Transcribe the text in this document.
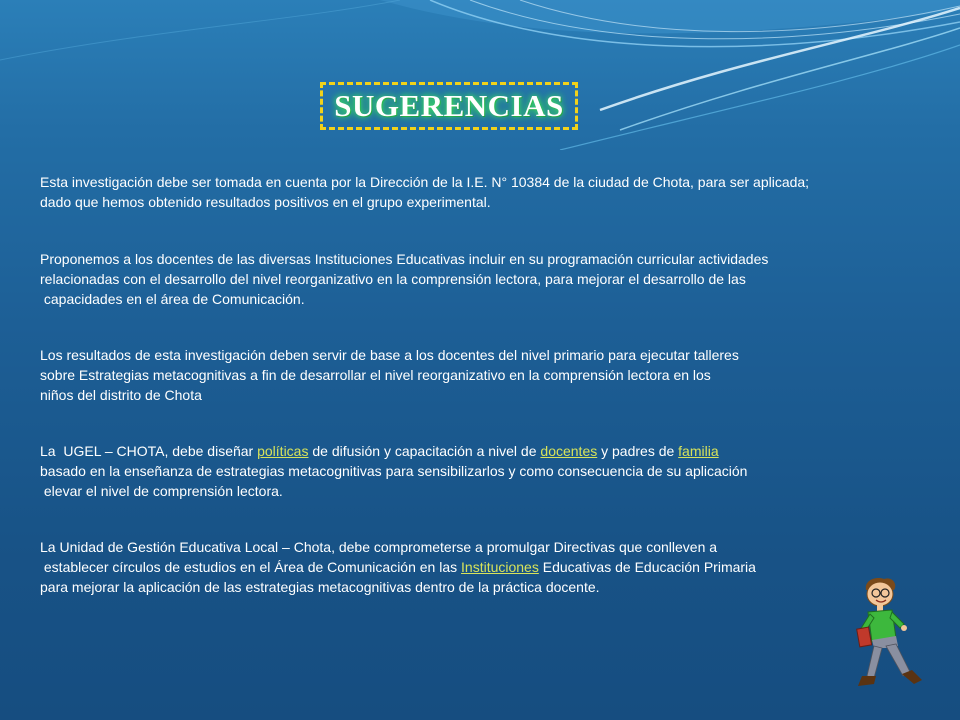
SUGERENCIAS
Esta investigación debe ser tomada en cuenta por la Dirección de la I.E. N° 10384 de la ciudad de Chota, para ser aplicada;
dado que hemos obtenido resultados positivos en el grupo experimental.
Proponemos a los docentes de las diversas Instituciones Educativas incluir en su programación curricular actividades
relacionadas con el desarrollo del nivel reorganizativo en la comprensión lectora, para mejorar el desarrollo de las
capacidades en el área de Comunicación.
Los resultados de esta investigación deben servir de base a los docentes del nivel primario para ejecutar talleres
sobre Estrategias metacognitivas a fin de desarrollar el nivel reorganizativo en la comprensión lectora en los
niños del distrito de Chota
La  UGEL – CHOTA, debe diseñar políticas de difusión y capacitación a nivel de docentes y padres de familia
basado en la enseñanza de estrategias metacognitivas para sensibilizarlos y como consecuencia de su aplicación
elevar el nivel de comprensión lectora.
La Unidad de Gestión Educativa Local – Chota, debe comprometerse a promulgar Directivas que conlleven a
establecer círculos de estudios en el Área de Comunicación en las Instituciones Educativas de Educación Primaria
para mejorar la aplicación de las estrategias metacognitivas dentro de la práctica docente.
